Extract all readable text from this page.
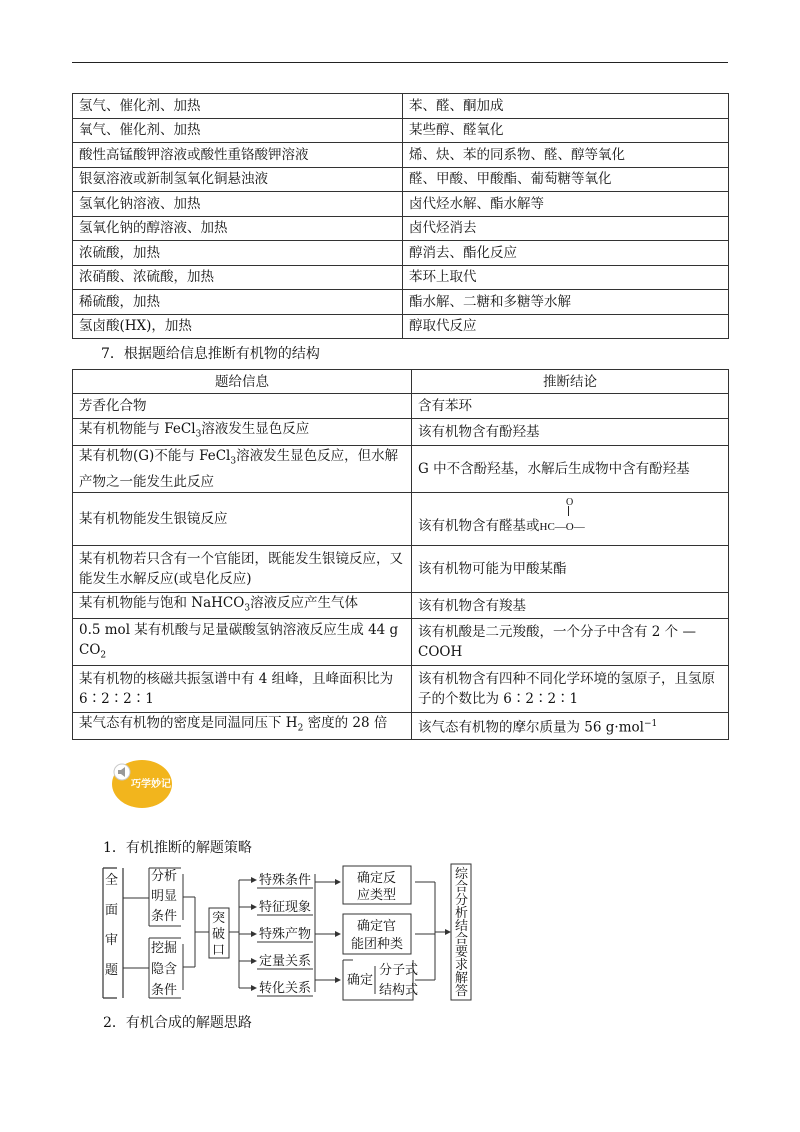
氢气、催化剂、加热	苯、醛、酮加成
氧气、催化剂、加热	某些醇、醛氧化
酸性高锰酸钾溶液或酸性重铬酸钾溶液	烯、炔、苯的同系物、醛、醇等氧化
银氨溶液或新制氢氧化铜悬浊液	醛、甲酸、甲酸酯、葡萄糖等氧化
氢氧化钠溶液、加热	卤代烃水解、酯水解等
氢氧化钠的醇溶液、加热	卤代烃消去
浓硫酸，加热	醇消去、酯化反应
浓硝酸、浓硫酸，加热	苯环上取代
稀硫酸，加热	酯水解、二糖和多糖等水解
氢卤酸(HX)，加热	醇取代反应
7．根据题给信息推断有机物的结构
题给信息	推断结论
芳香化合物	含有苯环
某有机物能与 FeCl$_3$溶液发生显色反应	该有机物含有酚羟基
某有机物(G)不能与 FeCl$_3$溶液发生显色反应，但水解产物之一能发生此反应	G 中不含酚羟基，水解后生成物中含有酚羟基
某有机物能发生银镜反应	该有机物含有醛基或HC—O—
O

某有机物若只含有一个官能团，既能发生银镜反应，又能发生水解反应(或皂化反应)	该有机物可能为甲酸某酯
某有机物能与饱和 NaHCO$_3$溶液反应产生气体	该有机物含有羧基
0.5 mol 某有机酸与足量碳酸氢钠溶液反应生成 44 g $CO_2$	该有机酸是二元羧酸，一个分子中含有 2 个 —COOH
某有机物的核磁共振氢谱中有 4 组峰，且峰面积比为 6∶2∶2∶1	该有机物含有四种不同化学环境的氢原子，且氢原子的个数比为 6∶2∶2∶1
某气态有机物的密度是同温同压下 $H_2$ 密度的 28 倍	该气态有机物的摩尔质量为 56 g·mol$^{-1}$
巧学妙记
1．有机推断的解题策略
全
面
审
题
分析
明显
条件
挖掘
隐含
条件
突
破
口
特殊条件
特征现象
特殊产物
定量关系
转化关系
确定反
应类型
确定官
能团种类
确定
分子式
结构式
综
合
分
析
结
合
要
求
解
答
2．有机合成的解题思路
